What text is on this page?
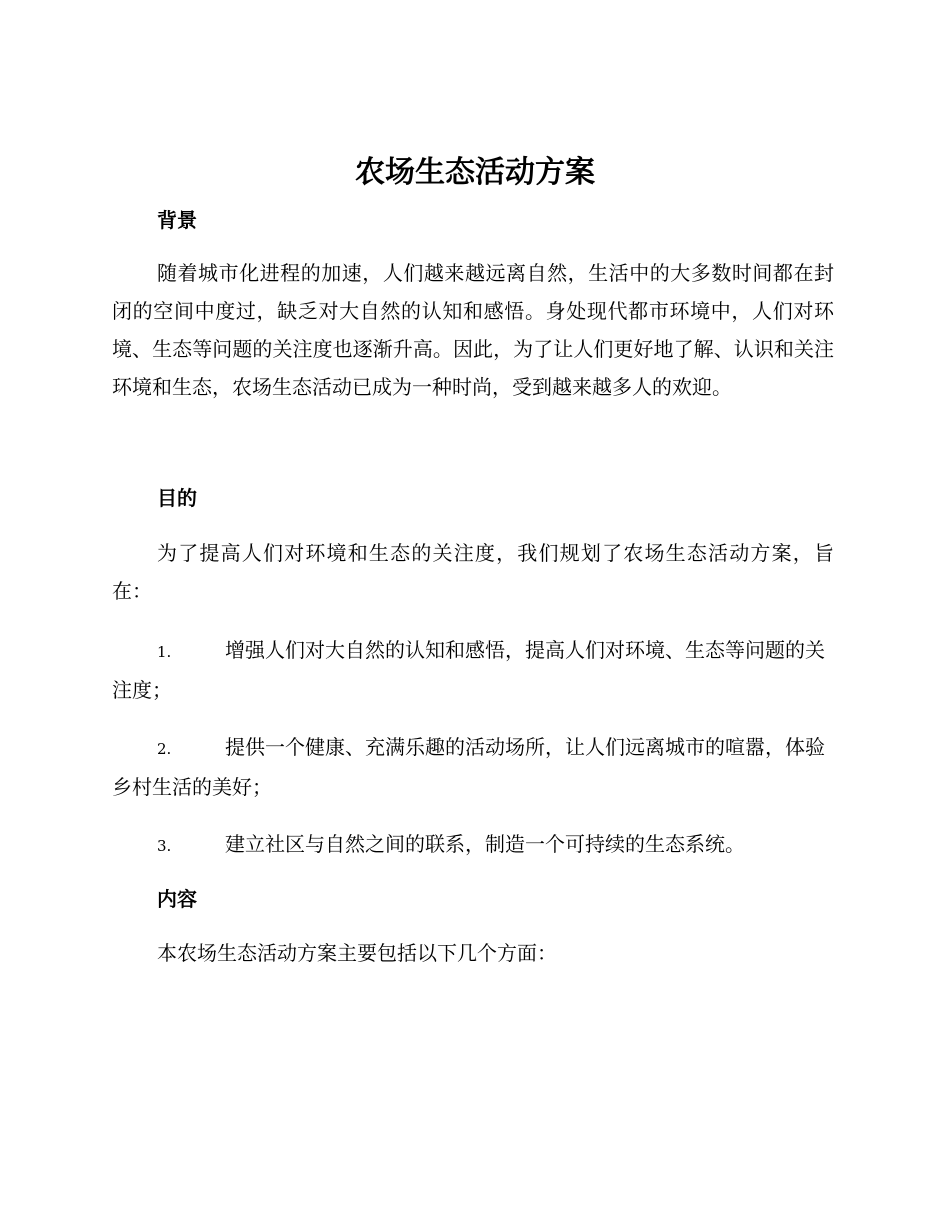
农场生态活动方案
背景

随着城市化进程的加速，人们越来越远离自然，生活中的大多数时间都在封闭的空间中度过，缺乏对大自然的认知和感悟。身处现代都市环境中，人们对环境、生态等问题的关注度也逐渐升高。因此，为了让人们更好地了解、认识和关注环境和生态，农场生态活动已成为一种时尚，受到越来越多人的欢迎。

目的

为了提高人们对环境和生态的关注度，我们规划了农场生态活动方案，旨在：

1.	增强人们对大自然的认知和感悟，提高人们对环境、生态等问题的关注度；

2.	提供一个健康、充满乐趣的活动场所，让人们远离城市的喧嚣，体验乡村生活的美好；

3.	建立社区与自然之间的联系，制造一个可持续的生态系统。

内容

本农场生态活动方案主要包括以下几个方面：
